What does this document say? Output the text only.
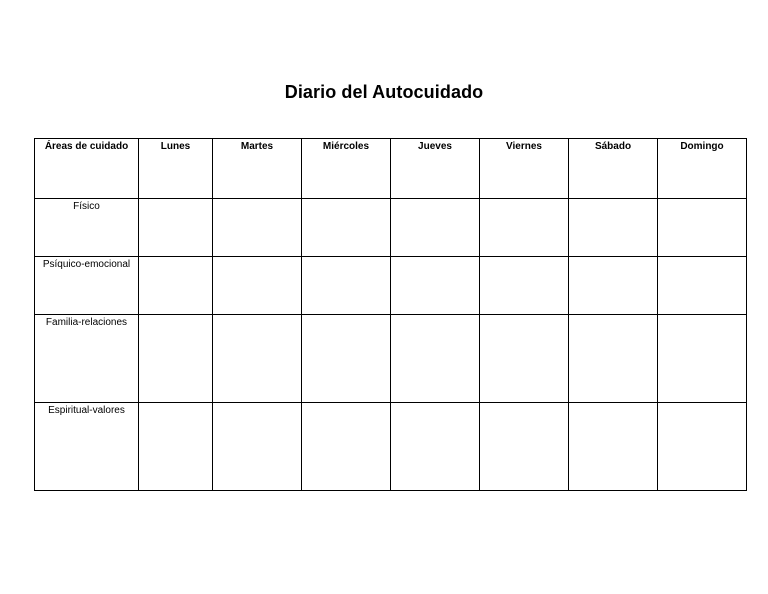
Diario del Autocuidado
Áreas de cuidado	Lunes	Martes	Miércoles	Jueves	Viernes	Sábado	Domingo
Físico							
Psíquico-emocional							
Familia-relaciones							
Espiritual-valores							
